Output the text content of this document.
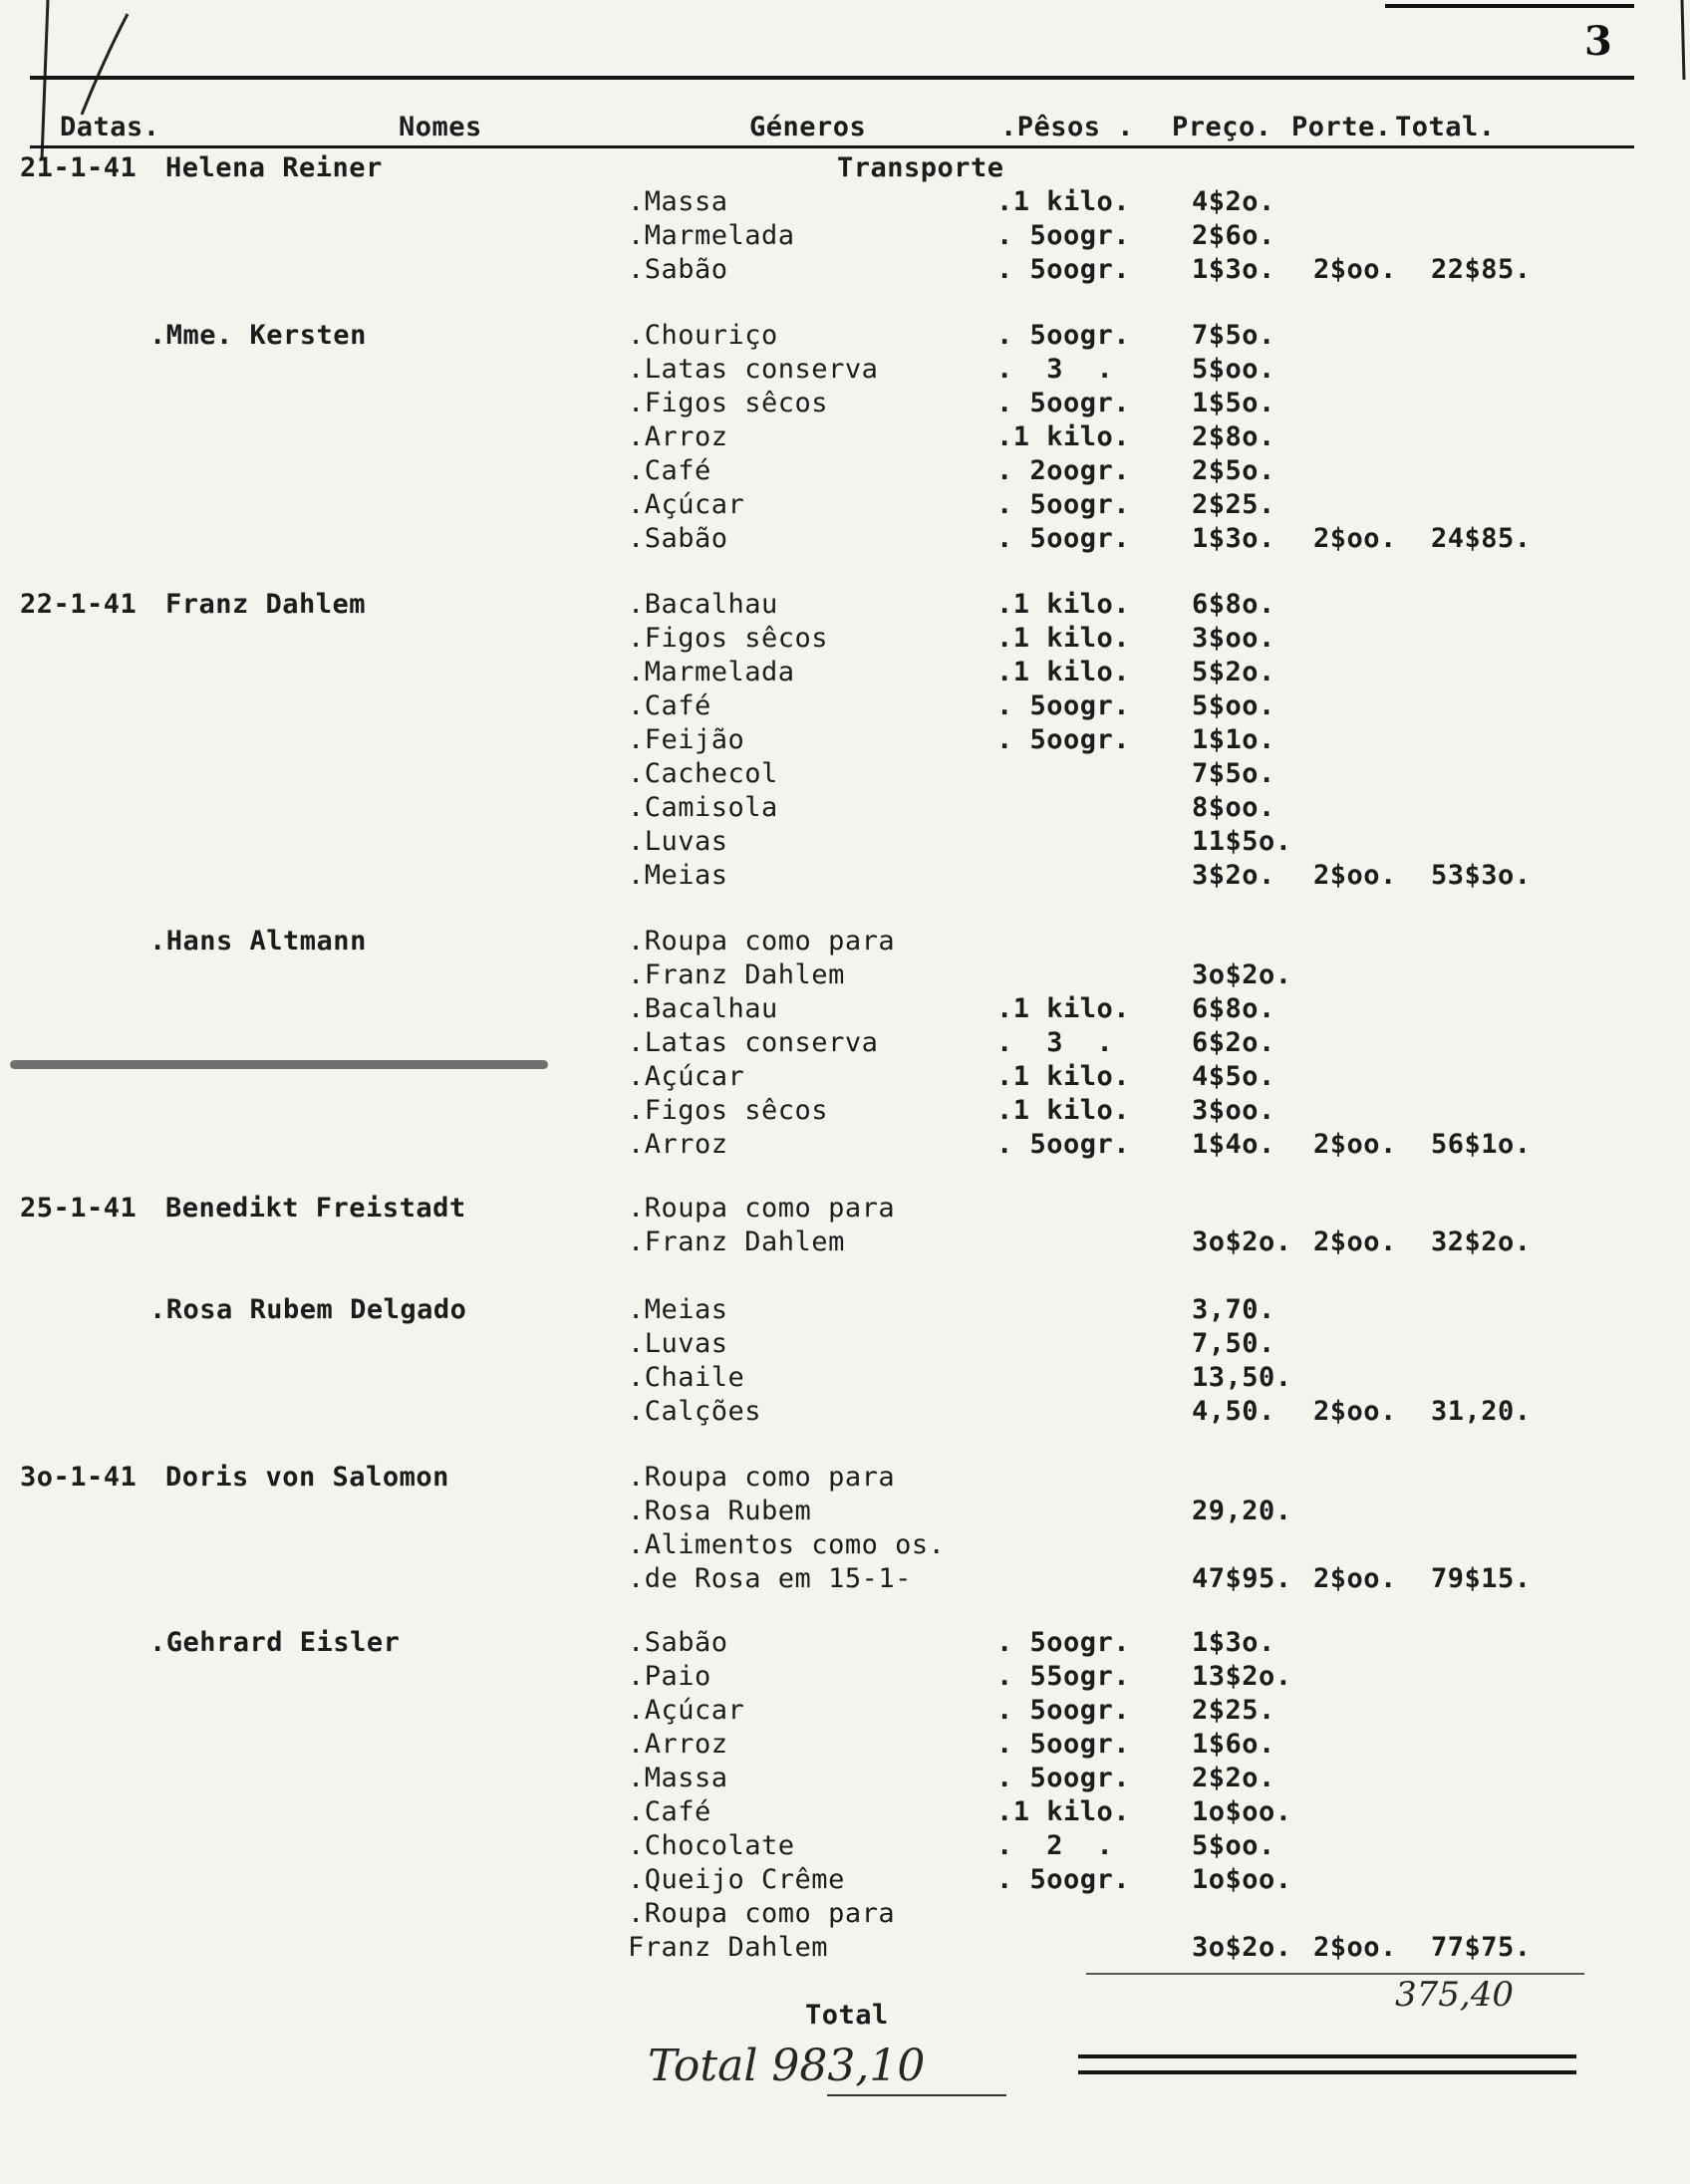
3
Datas.	Nomes	Géneros	.Pêsos . Preço. Porte. Total.
21-1-41 Helena Reiner	Transporte
.Massa	.1 kilo. 4$2o.
.Marmelada	. 5oogr. 2$6o.
.Sabão	. 5oogr. 1$3o. 2$oo. 22$85.
.Mme. Kersten	.Chouriço	. 5oogr. 7$5o.
.Latas conserva	.  3  .	5$oo.
.Figos sêcos	. 5oogr. 1$5o.
.Arroz	.1 kilo. 2$8o.
.Café	. 2oogr. 2$5o.
.Açúcar	. 5oogr. 2$25.
.Sabão	. 5oogr. 1$3o. 2$oo. 24$85.
22-1-41 Franz Dahlem	.Bacalhau	.1 kilo. 6$8o.
.Figos sêcos	.1 kilo. 3$oo.
.Marmelada	.1 kilo. 5$2o.
.Café	. 5oogr. 5$oo.
.Feijão	. 5oogr. 1$1o.
.Cachecol	7$5o.
.Camisola	8$oo.
.Luvas	11$5o.
.Meias	3$2o. 2$oo. 53$3o.
.Hans Altmann	.Roupa como para
.Franz Dahlem	3o$2o.
.Bacalhau	.1 kilo. 6$8o.
.Latas conserva	.  3  .	6$2o.
.Açúcar	.1 kilo. 4$5o.
.Figos sêcos	.1 kilo. 3$oo.
.Arroz	. 5oogr. 1$4o. 2$oo. 56$1o.
25-1-41 Benedikt Freistadt	.Roupa como para
.Franz Dahlem	3o$2o. 2$oo. 32$2o.
.Rosa Rubem Delgado	.Meias	3,70.
.Luvas	7,50.
.Chaile	13,50.
.Calções	4,50. 2$oo. 31,20.
3o-1-41 Doris von Salomon	.Roupa como para
.Rosa Rubem	29,20.
.Alimentos como os.
.de Rosa em 15-1-	47$95. 2$oo. 79$15.
.Gehrard Eisler	.Sabão	. 5oogr. 1$3o.
.Paio	. 55ogr. 13$2o.
.Açúcar	. 5oogr. 2$25.
.Arroz	. 5oogr. 1$6o.
.Massa	. 5oogr. 2$2o.
.Café	.1 kilo. 1o$oo.
.Chocolate	.  2  .	5$oo.
.Queijo Crême	. 5oogr. 1o$oo.
.Roupa como para
Franz Dahlem	3o$2o. 2$oo. 77$75.
375,40
Total
Total 983,10
